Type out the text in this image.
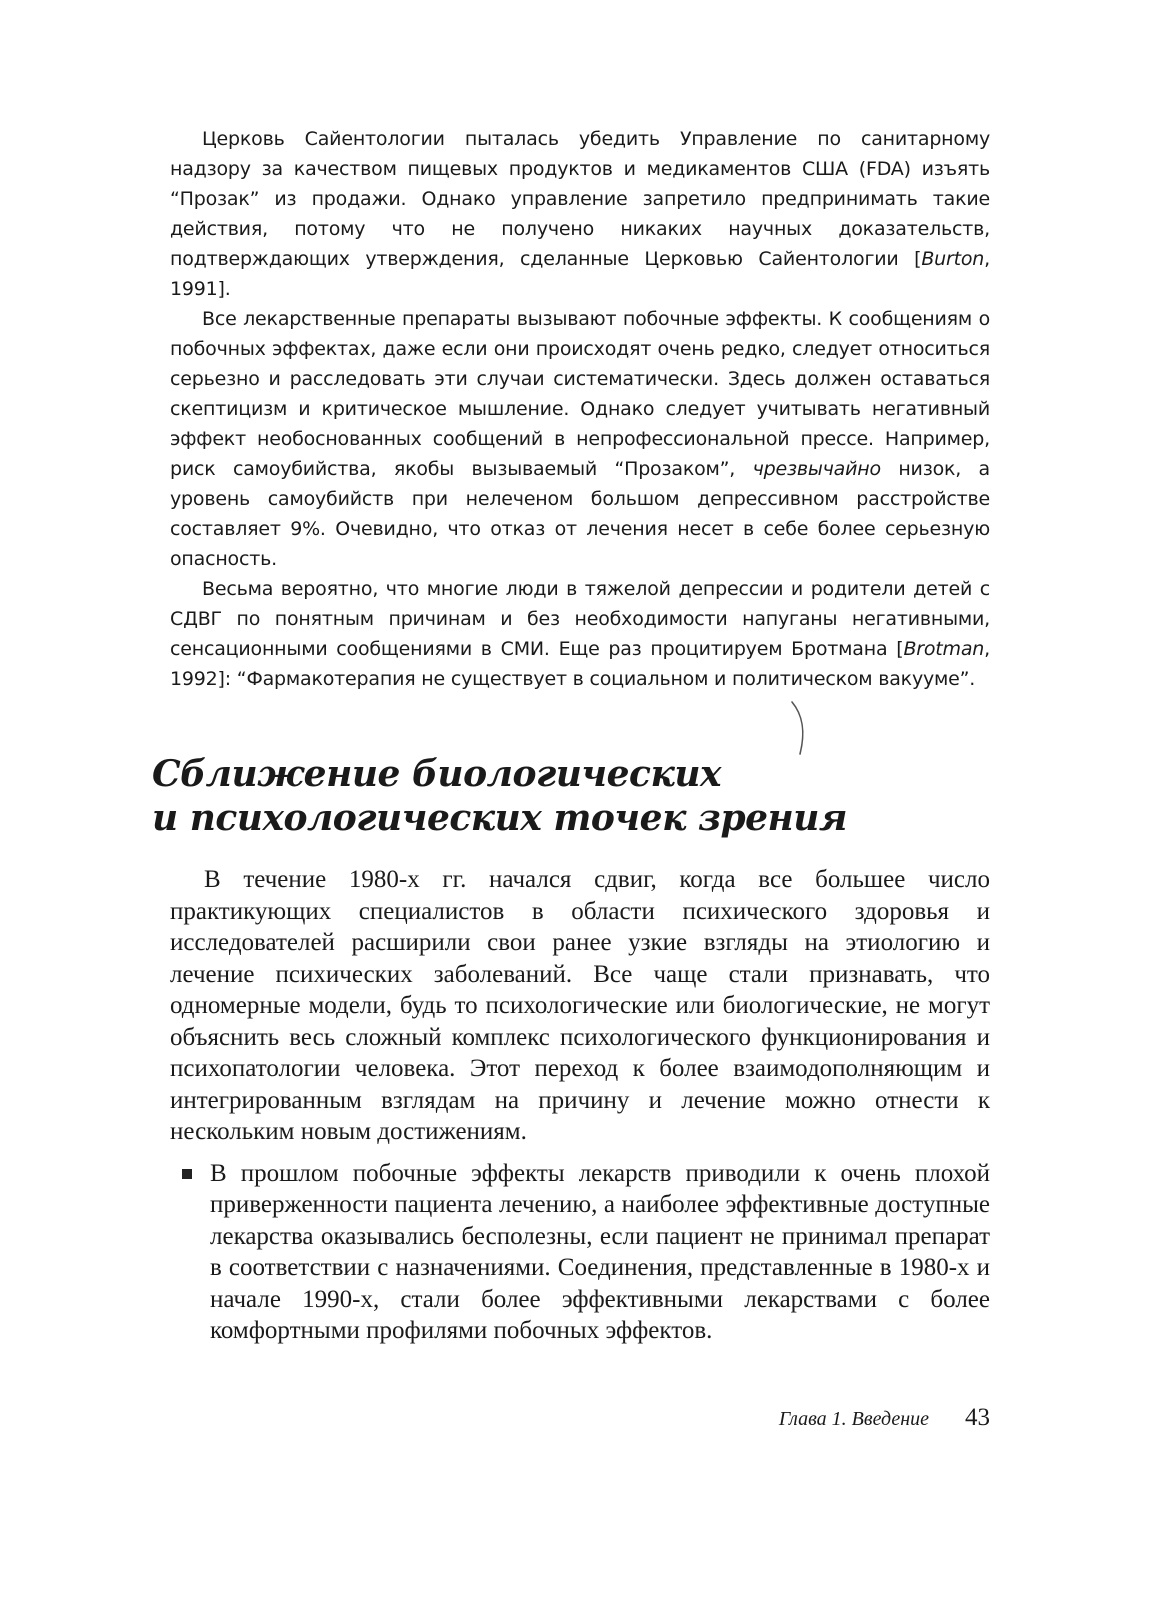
Церковь Сайентологии пыталась убедить Управление по санитарному надзору за качеством пищевых продуктов и медикаментов США (FDA) изъять “Прозак” из продажи. Однако управление запретило предпринимать такие действия, потому что не получено никаких научных доказательств, подтверждающих утверждения, сделанные Церковью Сайентологии [Burton, 1991].

Все лекарственные препараты вызывают побочные эффекты. К сообщениям о побочных эффектах, даже если они происходят очень редко, следует относиться серьезно и расследовать эти случаи систематически. Здесь должен оставаться скептицизм и критическое мышление. Однако следует учитывать негативный эффект необоснованных сообщений в непрофессиональной прессе. Например, риск самоубийства, якобы вызываемый “Прозаком”, чрезвычайно низок, а уровень самоубийств при нелеченом большом депрессивном расстройстве составляет 9%. Очевидно, что отказ от лечения несет в себе более серьезную опасность.

Весьма вероятно, что многие люди в тяжелой депрессии и родители детей с СДВГ по понятным причинам и без необходимости напуганы негативными, сенсационными сообщениями в СМИ. Еще раз процитируем Бротмана [Brotman, 1992]: “Фармакотерапия не существует в социальном и политическом вакууме”.

Сближение биологических
и психологических точек зрения

В течение 1980-х гг. начался сдвиг, когда все большее число практикующих специалистов в области психического здоровья и исследователей расширили свои ранее узкие взгляды на этиологию и лечение психических заболеваний. Все чаще стали признавать, что одномерные модели, будь то психологические или биологические, не могут объяснить весь сложный комплекс психологического функционирования и психопатологии человека. Этот переход к более взаимодополняющим и интегрированным взглядам на причину и лечение можно отнести к нескольким новым достижениям.

В прошлом побочные эффекты лекарств приводили к очень плохой приверженности пациента лечению, а наиболее эффективные доступные лекарства оказывались бесполезны, если пациент не принимал препарат в соответствии с назначениями. Соединения, представленные в 1980-х и начале 1990-х, стали более эффективными лекарствами с более комфортными профилями побочных эффектов.
Глава 1. Введение 43
